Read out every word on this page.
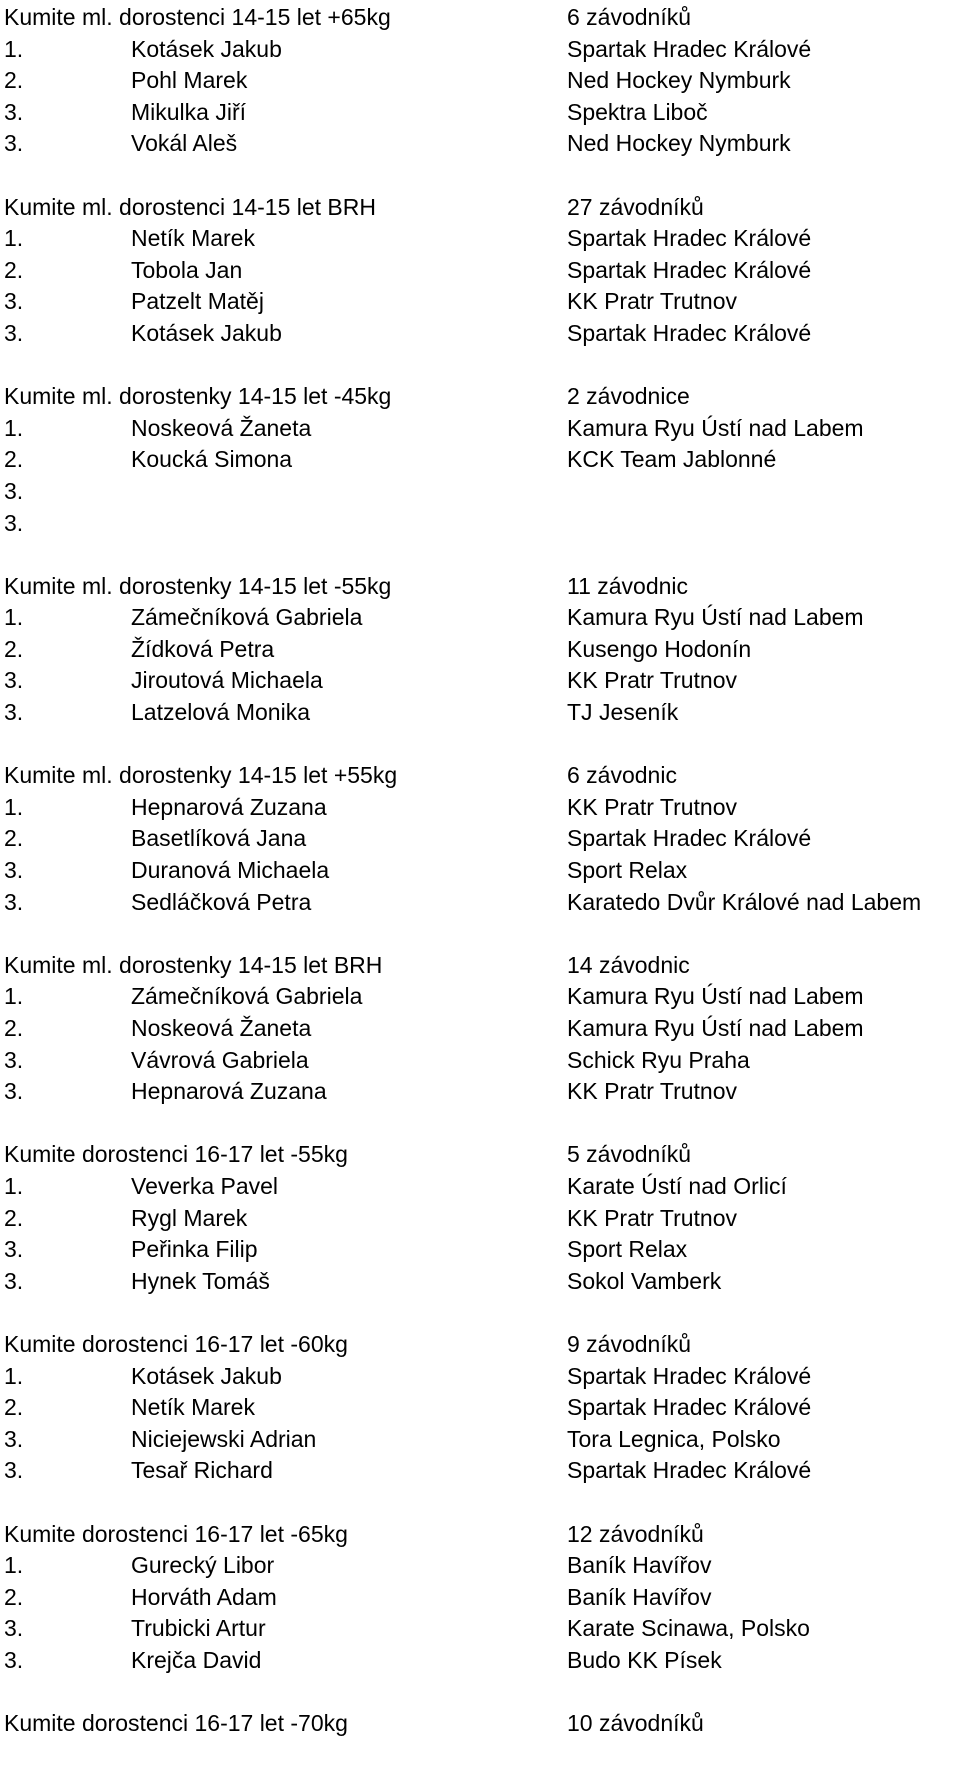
Kumite ml. dorostenci 14-15 let +65kg	6 závodníků
1.	Kotásek Jakub	Spartak Hradec Králové
2.	Pohl Marek	Ned Hockey Nymburk
3.	Mikulka Jiří	Spektra Liboč
3.	Vokál Aleš	Ned Hockey Nymburk
Kumite ml. dorostenci 14-15 let BRH	27 závodníků
1.	Netík Marek	Spartak Hradec Králové
2.	Tobola Jan	Spartak Hradec Králové
3.	Patzelt Matěj	KK Pratr Trutnov
3.	Kotásek Jakub	Spartak Hradec Králové
Kumite ml. dorostenky 14-15 let -45kg	2 závodnice
1.	Noskeová Žaneta	Kamura Ryu Ústí nad Labem
2.	Koucká Simona	KCK Team Jablonné
3.
3.
Kumite ml. dorostenky 14-15 let -55kg	11 závodnic
1.	Zámečníková Gabriela	Kamura Ryu Ústí nad Labem
2.	Žídková Petra	Kusengo Hodonín
3.	Jiroutová Michaela	KK Pratr Trutnov
3.	Latzelová Monika	TJ Jeseník
Kumite ml. dorostenky 14-15 let +55kg	6 závodnic
1.	Hepnarová Zuzana	KK Pratr Trutnov
2.	Basetlíková Jana	Spartak Hradec Králové
3.	Duranová Michaela	Sport Relax
3.	Sedláčková Petra	Karatedo Dvůr Králové nad Labem
Kumite ml. dorostenky 14-15 let BRH	14 závodnic
1.	Zámečníková Gabriela	Kamura Ryu Ústí nad Labem
2.	Noskeová Žaneta	Kamura Ryu Ústí nad Labem
3.	Vávrová Gabriela	Schick Ryu Praha
3.	Hepnarová Zuzana	KK Pratr Trutnov
Kumite dorostenci 16-17 let -55kg	5 závodníků
1.	Veverka Pavel	Karate Ústí nad Orlicí
2.	Rygl Marek	KK Pratr Trutnov
3.	Peřinka Filip	Sport Relax
3.	Hynek Tomáš	Sokol Vamberk
Kumite dorostenci 16-17 let -60kg	9 závodníků
1.	Kotásek Jakub	Spartak Hradec Králové
2.	Netík Marek	Spartak Hradec Králové
3.	Niciejewski Adrian	Tora Legnica, Polsko
3.	Tesař Richard	Spartak Hradec Králové
Kumite dorostenci 16-17 let -65kg	12 závodníků
1.	Gurecký Libor	Baník Havířov
2.	Horváth Adam	Baník Havířov
3.	Trubicki Artur	Karate Scinawa, Polsko
3.	Krejča David	Budo KK Písek
Kumite dorostenci 16-17 let -70kg	10 závodníků
